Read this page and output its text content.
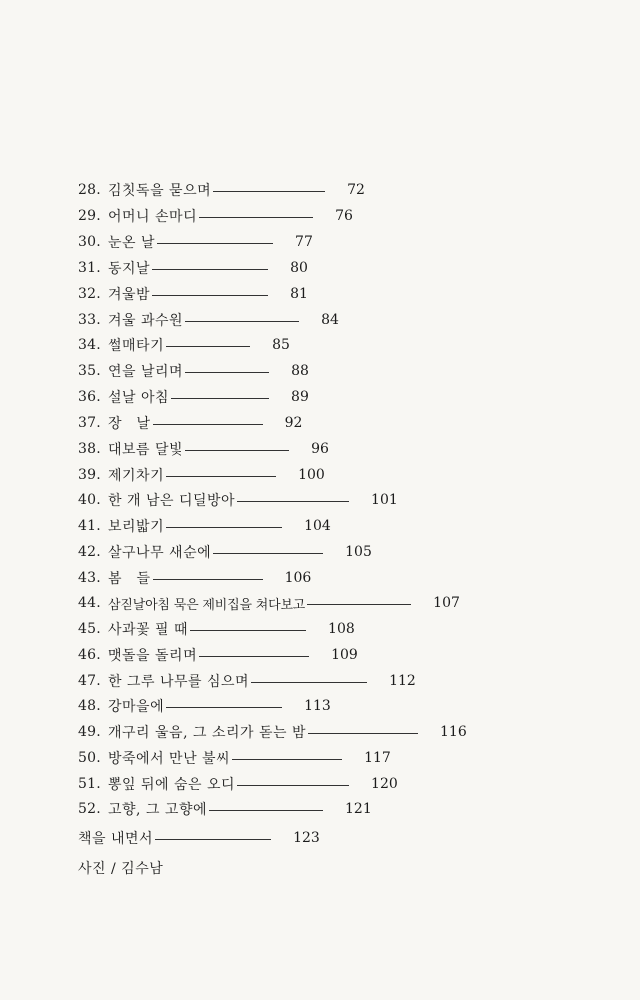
28. 김칫독을 묻으며	72
29. 어머니 손마디	76
30. 눈온 날	77
31. 동지날	80
32. 겨울밤	81
33. 겨울 과수원	84
34. 썰매타기	85
35. 연을 날리며	88
36. 설날 아침	89
37. 장　날	92
38. 대보름 달빛	96
39. 제기차기	100
40. 한 개 남은 디딜방아	101
41. 보리밟기	104
42. 살구나무 새순에	105
43. 봄　들	106
44. 삼짇날아침 묵은 제비집을 쳐다보고	107
45. 사과꽃 필 때	108
46. 맷돌을 돌리며	109
47. 한 그루 나무를 심으며	112
48. 강마을에	113
49. 개구리 울음, 그 소리가 돋는 밤	116
50. 방죽에서 만난 불씨	117
51. 뽕잎 뒤에 숨은 오디	120
52. 고향, 그 고향에	121
책을 내면서	123
사진 / 김수남
